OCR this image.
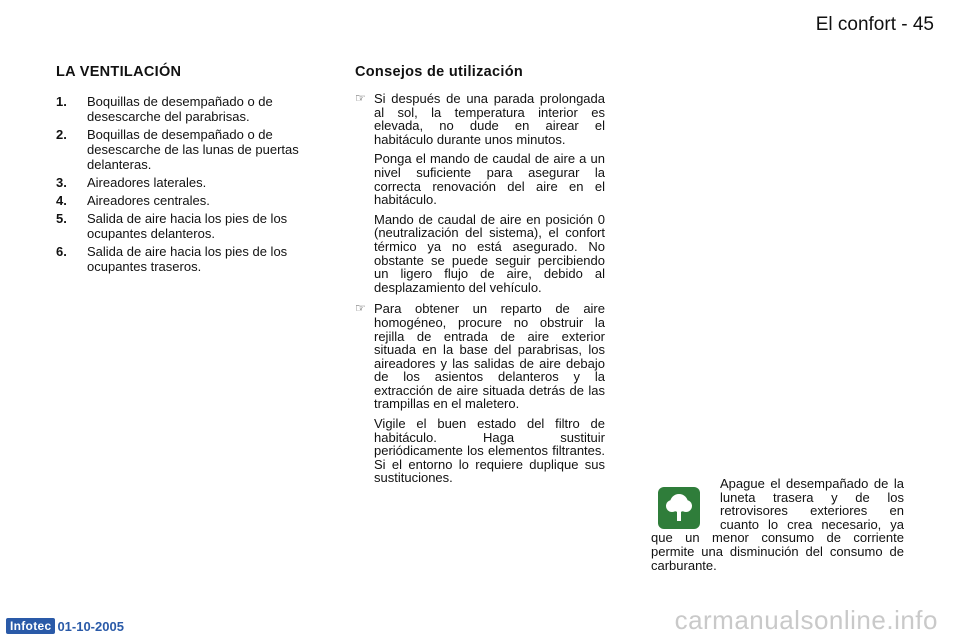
El confort - 45
LA VENTILACIÓN
1.	Boquillas de desempañado o de desescarche del parabrisas.
2.	Boquillas de desempañado o de desescarche de las lunas de puertas delanteras.
3.	Aireadores laterales.
4.	Aireadores centrales.
5.	Salida de aire hacia los pies de los ocupantes delanteros.
6.	Salida de aire hacia los pies de los ocupantes traseros.
Consejos de utilización
☞ Si después de una parada prolongada al sol, la temperatura interior es elevada, no dude en airear el habitáculo durante unos minutos.

Ponga el mando de caudal de aire a un nivel suficiente para asegurar la correcta renovación del aire en el habitáculo.

Mando de caudal de aire en posición 0 (neutralización del sistema), el confort térmico ya no está asegurado. No obstante se puede seguir percibiendo un ligero flujo de aire, debido al desplazamiento del vehículo.

☞ Para obtener un reparto de aire homogéneo, procure no obstruir la rejilla de entrada de aire exterior situada en la base del parabrisas, los aireadores y las salidas de aire debajo de los asientos delanteros y la extracción de aire situada detrás de las trampillas en el maletero.

Vigile el buen estado del filtro de habitáculo. Haga sustituir periódicamente los elementos filtrantes. Si el entorno lo requiere duplique sus sustituciones.	Apague el desempañado de la luneta trasera y de los retrovisores exteriores en cuanto lo crea necesario, ya que un menor consumo de corriente permite una disminución del consumo de carburante.
Infotec 01-10-2005	carmanualsonline.info
